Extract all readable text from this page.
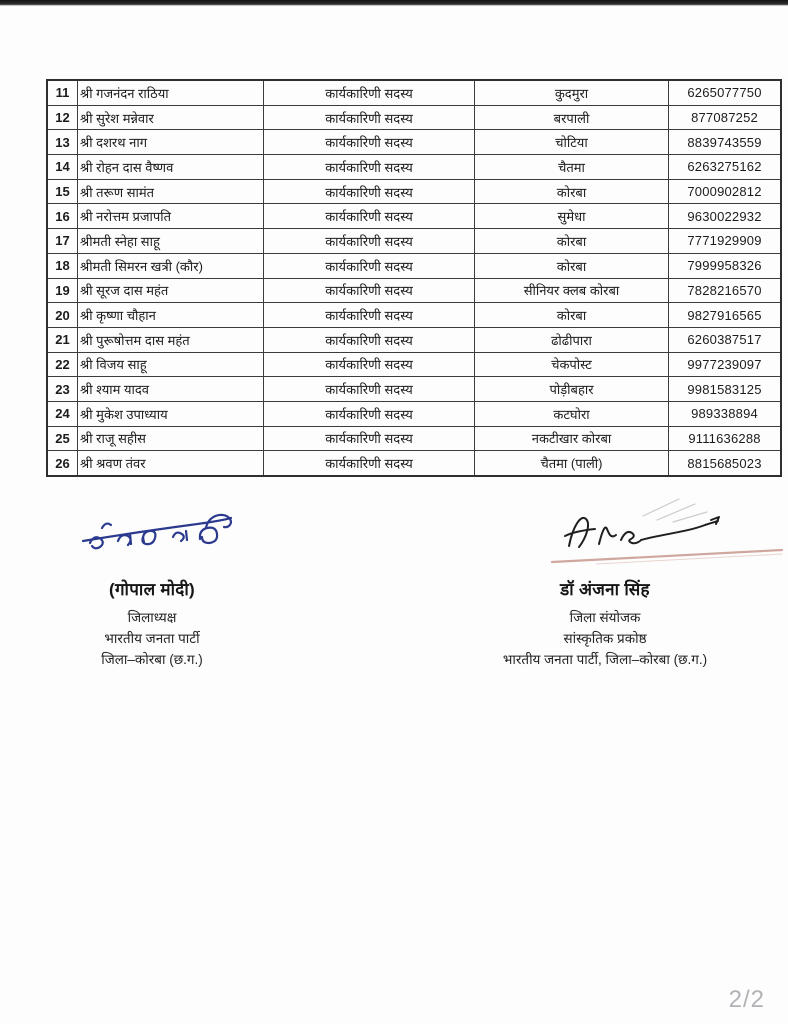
11	श्री गजनंदन राठिया	कार्यकारिणी सदस्य	कुदमुरा	6265077750
12	श्री सुरेश मन्नेवार	कार्यकारिणी सदस्य	बरपाली	877087252
13	श्री दशरथ नाग	कार्यकारिणी सदस्य	चोटिया	8839743559
14	श्री रोहन दास वैष्णव	कार्यकारिणी सदस्य	चैतमा	6263275162
15	श्री तरूण सामंत	कार्यकारिणी सदस्य	कोरबा	7000902812
16	श्री नरोत्तम प्रजापति	कार्यकारिणी सदस्य	सुमेधा	9630022932
17	श्रीमती स्नेहा साहू	कार्यकारिणी सदस्य	कोरबा	7771929909
18	श्रीमती सिमरन खत्री (कौर)	कार्यकारिणी सदस्य	कोरबा	7999958326
19	श्री सूरज दास महंत	कार्यकारिणी सदस्य	सीनियर क्लब कोरबा	7828216570
20	श्री कृष्णा चौहान	कार्यकारिणी सदस्य	कोरबा	9827916565
21	श्री पुरूषोत्तम दास महंत	कार्यकारिणी सदस्य	ढोढीपारा	6260387517
22	श्री विजय साहू	कार्यकारिणी सदस्य	चेकपोस्ट	9977239097
23	श्री श्याम यादव	कार्यकारिणी सदस्य	पोड़ीबहार	9981583125
24	श्री मुकेश उपाध्याय	कार्यकारिणी सदस्य	कटघोरा	989338894
25	श्री राजू सहीस	कार्यकारिणी सदस्य	नकटीखार कोरबा	9111636288
26	श्री श्रवण तंवर	कार्यकारिणी सदस्य	चैतमा (पाली)	8815685023
(गोपाल मोदी)
जिलाध्यक्ष
भारतीय जनता पार्टी
जिला–कोरबा (छ.ग.)
डॉ अंजना सिंह
जिला संयोजक
सांस्कृतिक प्रकोष्ठ
भारतीय जनता पार्टी, जिला–कोरबा (छ.ग.)
2/2
